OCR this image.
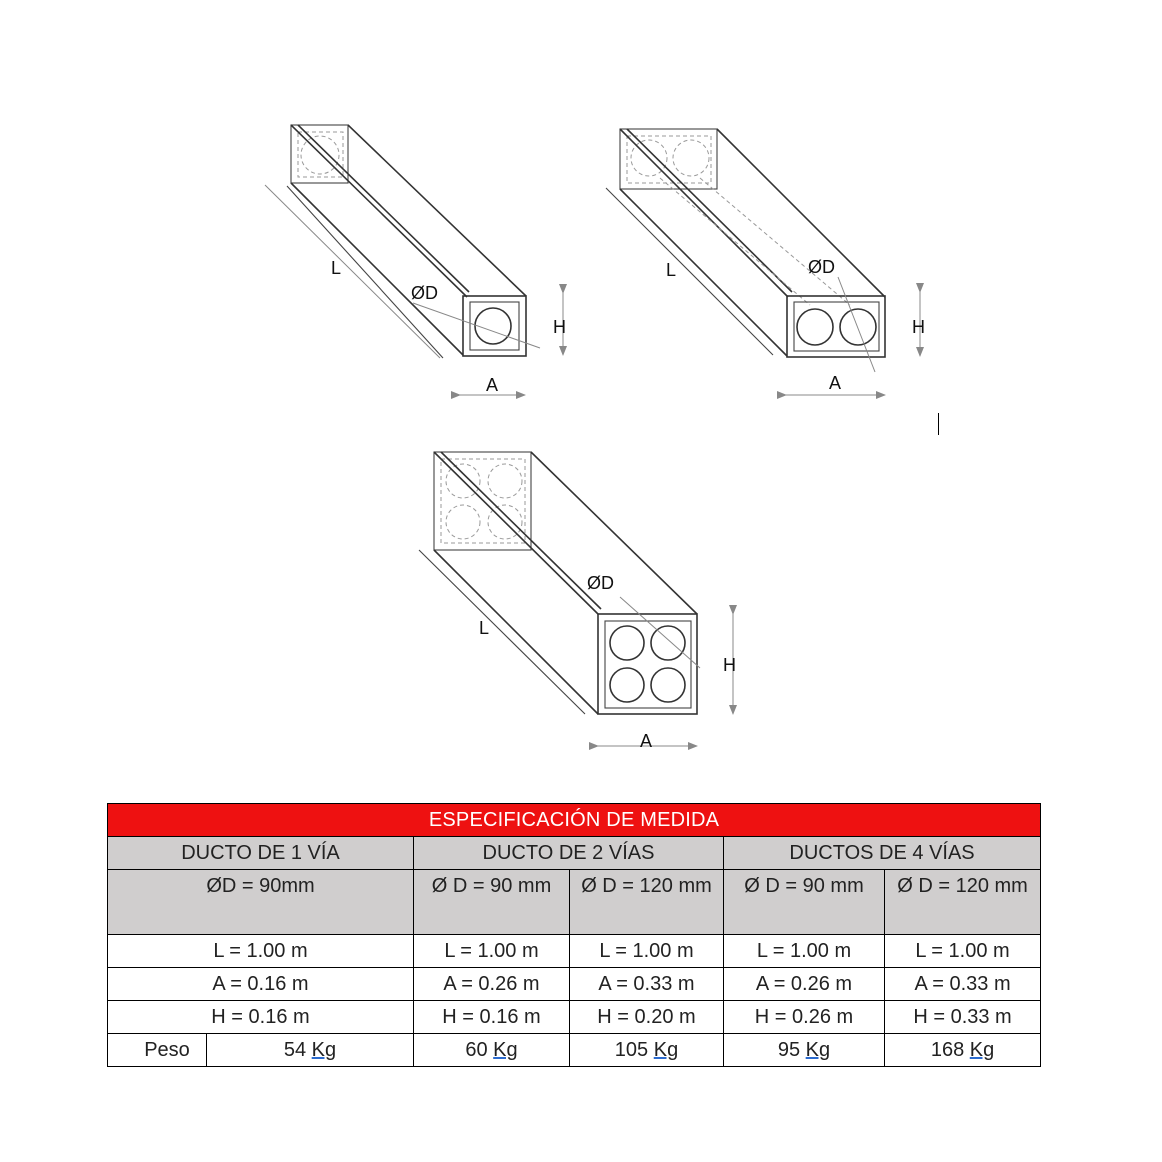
L
ØD
H
A
L	ØD
H
A
L
ØD
H
A
ESPECIFICACIÓN DE MEDIDA					
DUCTO DE 1 VÍA		DUCTO DE 2 VÍAS		DUCTOS DE 4 VÍAS	
ØD = 90mm		Ø D = 90 mm	Ø D = 120 mm	Ø D = 90 mm	Ø D = 120 mm
L = 1.00 m		L = 1.00 m	L = 1.00 m	L = 1.00 m	L = 1.00 m
A = 0.16 m		A = 0.26 m	A = 0.33 m	A = 0.26 m	A = 0.33 m
H = 0.16 m		H = 0.16 m	H = 0.20 m	H = 0.26 m	H = 0.33 m
Peso	54 Kg	60 Kg	105 Kg	95 Kg	168 Kg
